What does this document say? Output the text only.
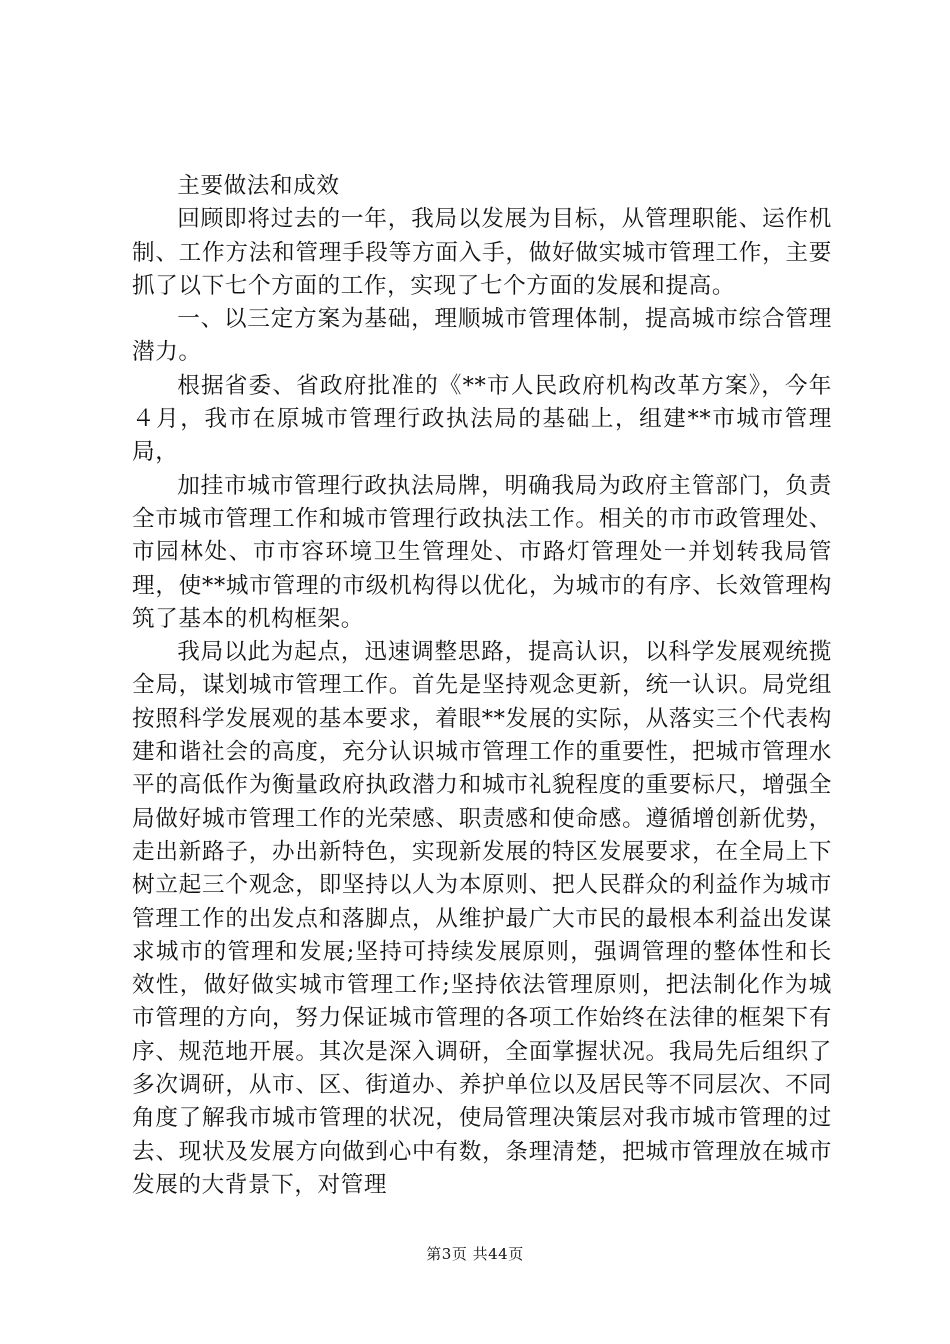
主要做法和成效

回顾即将过去的一年，我局以发展为目标，从管理职能、运作机制、工作方法和管理手段等方面入手，做好做实城市管理工作，主要抓了以下七个方面的工作，实现了七个方面的发展和提高。

一、以三定方案为基础，理顺城市管理体制，提高城市综合管理潜力。

根据省委、省政府批准的《**市人民政府机构改革方案》，今年４月，我市在原城市管理行政执法局的基础上，组建**市城市管理局，

加挂市城市管理行政执法局牌，明确我局为政府主管部门，负责全市城市管理工作和城市管理行政执法工作。相关的市市政管理处、市园林处、市市容环境卫生管理处、市路灯管理处一并划转我局管理，使**城市管理的市级机构得以优化，为城市的有序、长效管理构筑了基本的机构框架。

我局以此为起点，迅速调整思路，提高认识，以科学发展观统揽全局，谋划城市管理工作。首先是坚持观念更新，统一认识。局党组按照科学发展观的基本要求，着眼**发展的实际，从落实三个代表构建和谐社会的高度，充分认识城市管理工作的重要性，把城市管理水平的高低作为衡量政府执政潜力和城市礼貌程度的重要标尺，增强全局做好城市管理工作的光荣感、职责感和使命感。遵循增创新优势，走出新路子，办出新特色，实现新发展的特区发展要求，在全局上下树立起三个观念，即坚持以人为本原则、把人民群众的利益作为城市管理工作的出发点和落脚点，从维护最广大市民的最根本利益出发谋求城市的管理和发展;坚持可持续发展原则，强调管理的整体性和长效性，做好做实城市管理工作;坚持依法管理原则，把法制化作为城市管理的方向，努力保证城市管理的各项工作始终在法律的框架下有序、规范地开展。其次是深入调研，全面掌握状况。我局先后组织了多次调研，从市、区、街道办、养护单位以及居民等不同层次、不同角度了解我市城市管理的状况，使局管理决策层对我市城市管理的过去、现状及发展方向做到心中有数，条理清楚，把城市管理放在城市发展的大背景下，对管理

第3页 共44页
